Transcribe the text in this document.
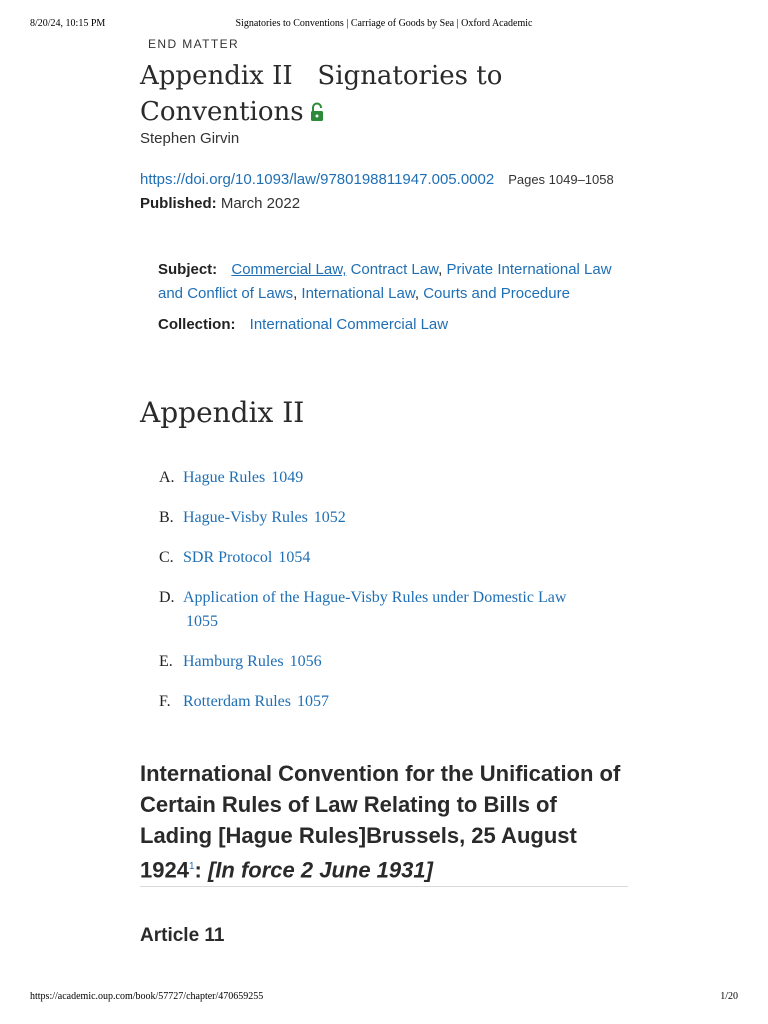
8/20/24, 10:15 PM	Signatories to Conventions | Carriage of Goods by Sea | Oxford Academic
END MATTER
Appendix II   Signatories to
Conventions
Stephen Girvin
https://doi.org/10.1093/law/9780198811947.005.0002 Pages 1049–1058
Published: March 2022
Subject: Commercial Law, Contract Law, Private International Law and Conflict of Laws, International Law, Courts and Procedure
Collection: International Commercial Law
Appendix II
A. Hague Rules 1049
B. Hague-Visby Rules 1052
C. SDR Protocol 1054
D. Application of the Hague-Visby Rules under Domestic Law
1055
E. Hamburg Rules 1056
F. Rotterdam Rules 1057
International Convention for the Unification of Certain Rules of Law Relating to Bills of Lading [Hague Rules]Brussels, 25 August 1924$^1$: [In force 2 June 1931]
Article 11
https://academic.oup.com/book/57727/chapter/470659255	1/20
